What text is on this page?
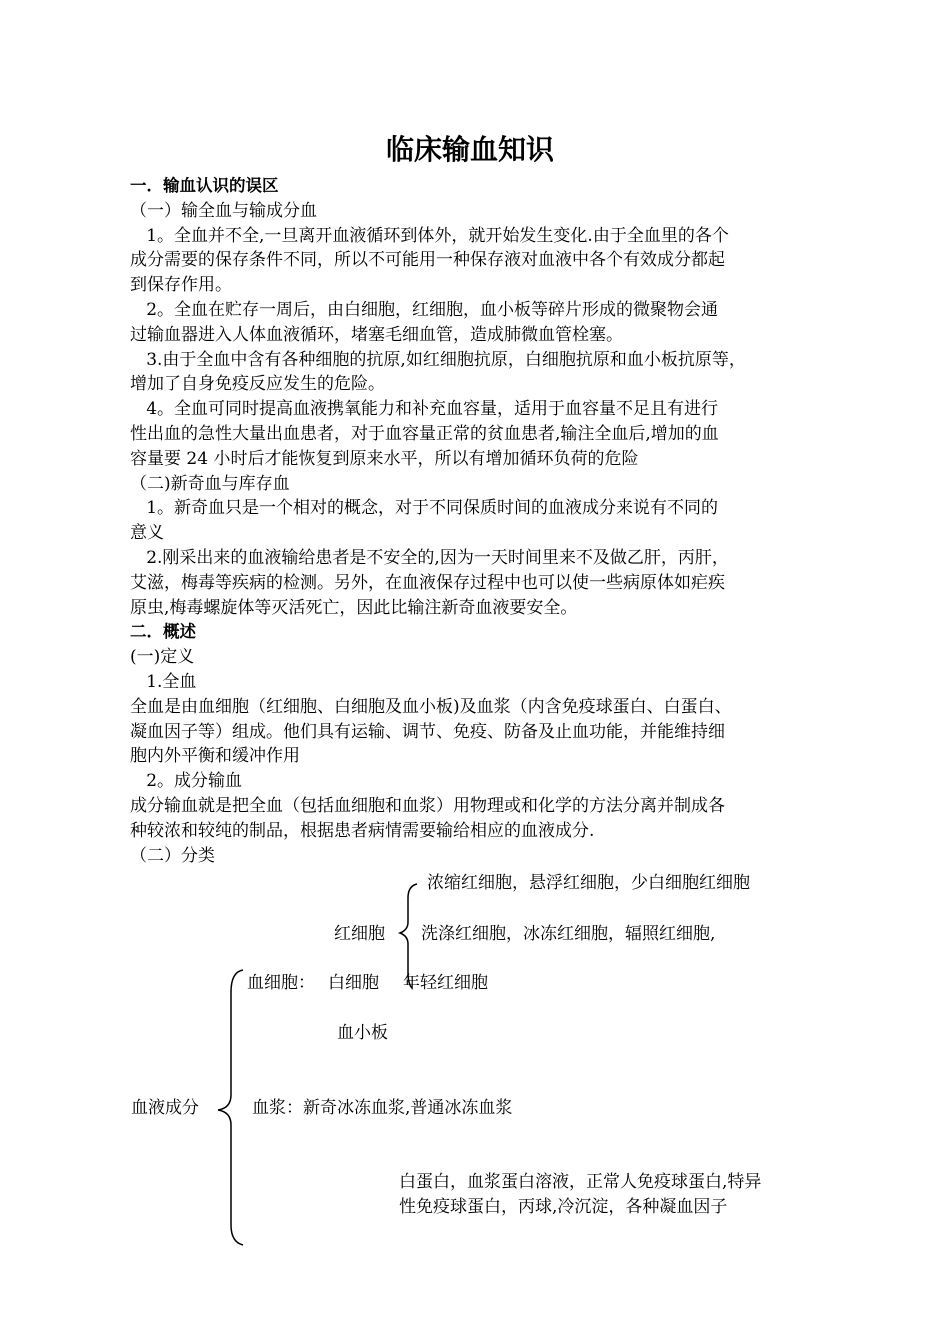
临床输血知识

一．输血认识的误区

（一）输全血与输成分血

1。全血并不全,一旦离开血液循环到体外，就开始发生变化.由于全血里的各个

成分需要的保存条件不同，所以不可能用一种保存液对血液中各个有效成分都起

到保存作用。

2。全血在贮存一周后，由白细胞，红细胞，血小板等碎片形成的微聚物会通

过输血器进入人体血液循环，堵塞毛细血管，造成肺微血管栓塞。

3.由于全血中含有各种细胞的抗原,如红细胞抗原，白细胞抗原和血小板抗原等，

增加了自身免疫反应发生的危险。

4。全血可同时提高血液携氧能力和补充血容量，适用于血容量不足且有进行

性出血的急性大量出血患者，对于血容量正常的贫血患者,输注全血后,增加的血

容量要 24 小时后才能恢复到原来水平，所以有增加循环负荷的危险

（二)新奇血与库存血

1。新奇血只是一个相对的概念，对于不同保质时间的血液成分来说有不同的

意义

2.刚采出来的血液输给患者是不安全的,因为一天时间里来不及做乙肝，丙肝，

艾滋，梅毒等疾病的检测。另外，在血液保存过程中也可以使一些病原体如疟疾

原虫,梅毒螺旋体等灭活死亡，因此比输注新奇血液要安全。

二．概述

(一)定义

1.全血

全血是由血细胞（红细胞、白细胞及血小板)及血浆（内含免疫球蛋白、白蛋白、

凝血因子等）组成。他们具有运输、调节、免疫、防备及止血功能，并能维持细

胞内外平衡和缓冲作用

2。成分输血

成分输血就是把全血（包括血细胞和血浆）用物理或和化学的方法分离并制成各

种较浓和较纯的制品，根据患者病情需要输给相应的血液成分.

（二）分类

浓缩红细胞，悬浮红细胞，少白细胞红细胞
红细胞 洗涤红细胞，冰冻红细胞，辐照红细胞,
血细胞： 白细胞 年轻红细胞
血小板
血液成分	血浆：新奇冰冻血浆,普通冰冻血浆
白蛋白，血浆蛋白溶液，正常人免疫球蛋白,特异
性免疫球蛋白，丙球,冷沉淀，各种凝血因子
